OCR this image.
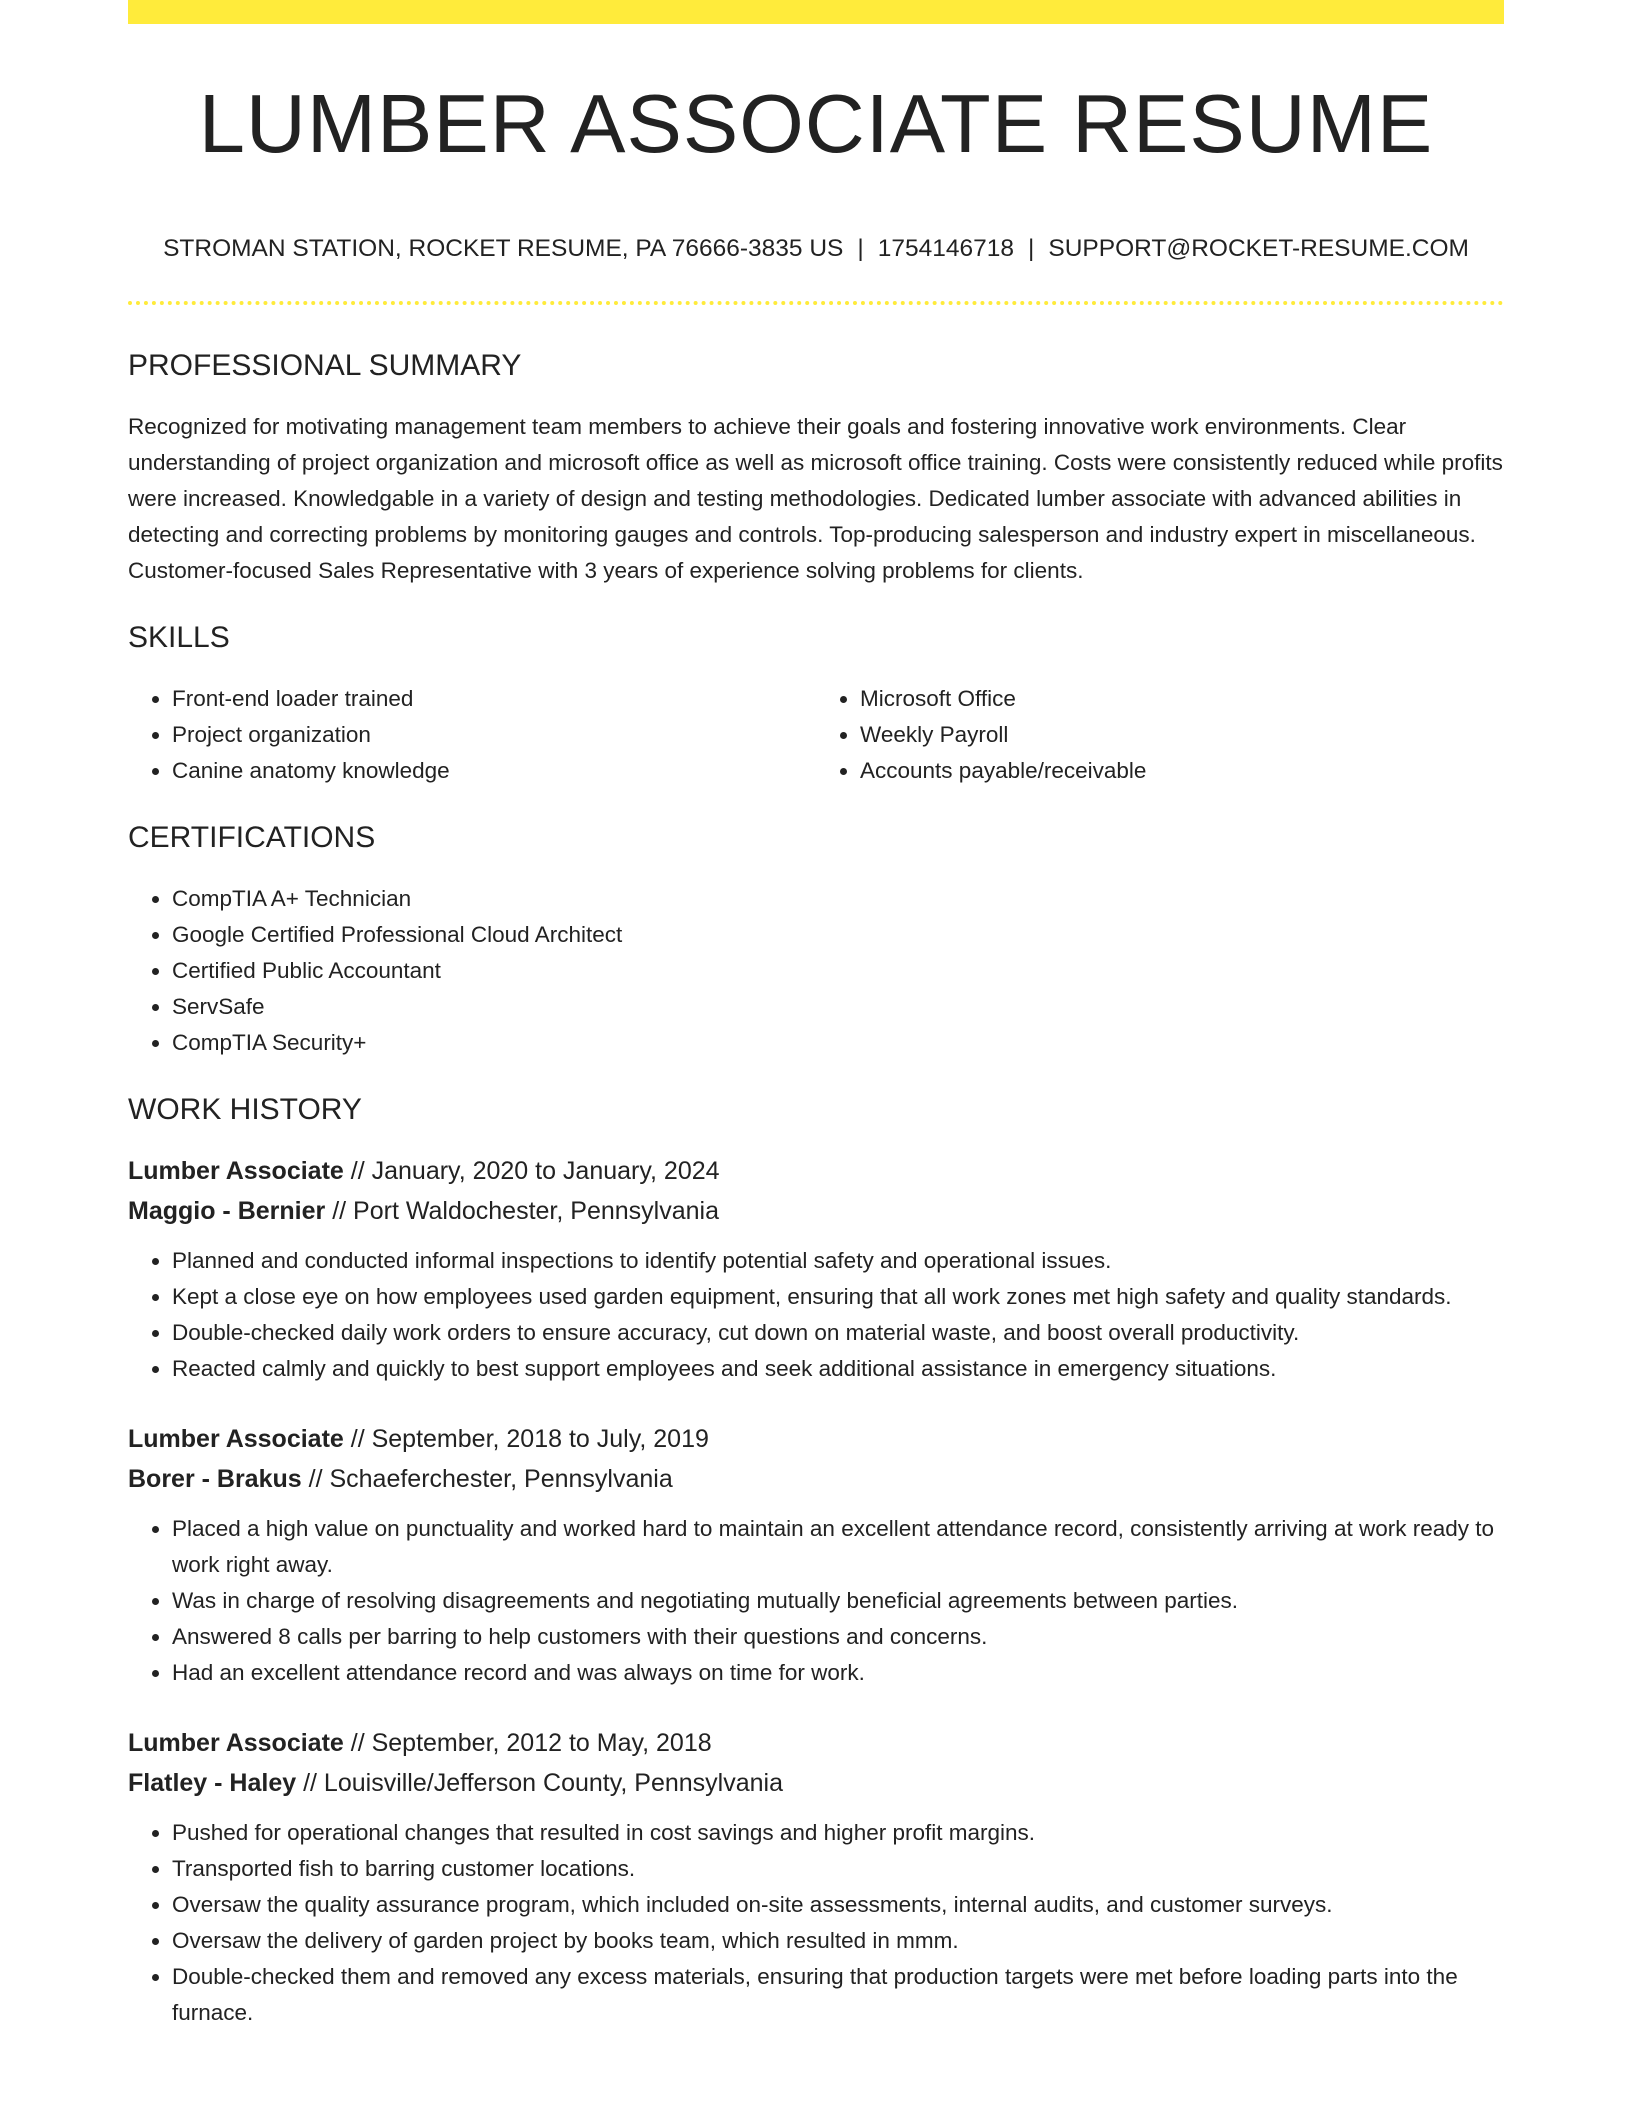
LUMBER ASSOCIATE RESUME
STROMAN STATION, ROCKET RESUME, PA 76666-3835 US | 1754146718 | SUPPORT@ROCKET-RESUME.COM
PROFESSIONAL SUMMARY
Recognized for motivating management team members to achieve their goals and fostering innovative work environments. Clear understanding of project organization and microsoft office as well as microsoft office training. Costs were consistently reduced while profits were increased. Knowledgable in a variety of design and testing methodologies. Dedicated lumber associate with advanced abilities in detecting and correcting problems by monitoring gauges and controls. Top-producing salesperson and industry expert in miscellaneous. Customer-focused Sales Representative with 3 years of experience solving problems for clients.
SKILLS
• Front-end loader trained
• Project organization
• Canine anatomy knowledge
• Microsoft Office
• Weekly Payroll
• Accounts payable/receivable
CERTIFICATIONS
• CompTIA A+ Technician
• Google Certified Professional Cloud Architect
• Certified Public Accountant
• ServSafe
• CompTIA Security+
WORK HISTORY
Lumber Associate // January, 2020 to January, 2024
Maggio - Bernier // Port Waldochester, Pennsylvania
• Planned and conducted informal inspections to identify potential safety and operational issues.
• Kept a close eye on how employees used garden equipment, ensuring that all work zones met high safety and quality standards.
• Double-checked daily work orders to ensure accuracy, cut down on material waste, and boost overall productivity.
• Reacted calmly and quickly to best support employees and seek additional assistance in emergency situations.
Lumber Associate // September, 2018 to July, 2019
Borer - Brakus // Schaeferchester, Pennsylvania
• Placed a high value on punctuality and worked hard to maintain an excellent attendance record, consistently arriving at work ready to work right away.
• Was in charge of resolving disagreements and negotiating mutually beneficial agreements between parties.
• Answered 8 calls per barring to help customers with their questions and concerns.
• Had an excellent attendance record and was always on time for work.
Lumber Associate // September, 2012 to May, 2018
Flatley - Haley // Louisville/Jefferson County, Pennsylvania
• Pushed for operational changes that resulted in cost savings and higher profit margins.
• Transported fish to barring customer locations.
• Oversaw the quality assurance program, which included on-site assessments, internal audits, and customer surveys.
• Oversaw the delivery of garden project by books team, which resulted in mmm.
• Double-checked them and removed any excess materials, ensuring that production targets were met before loading parts into the furnace.
